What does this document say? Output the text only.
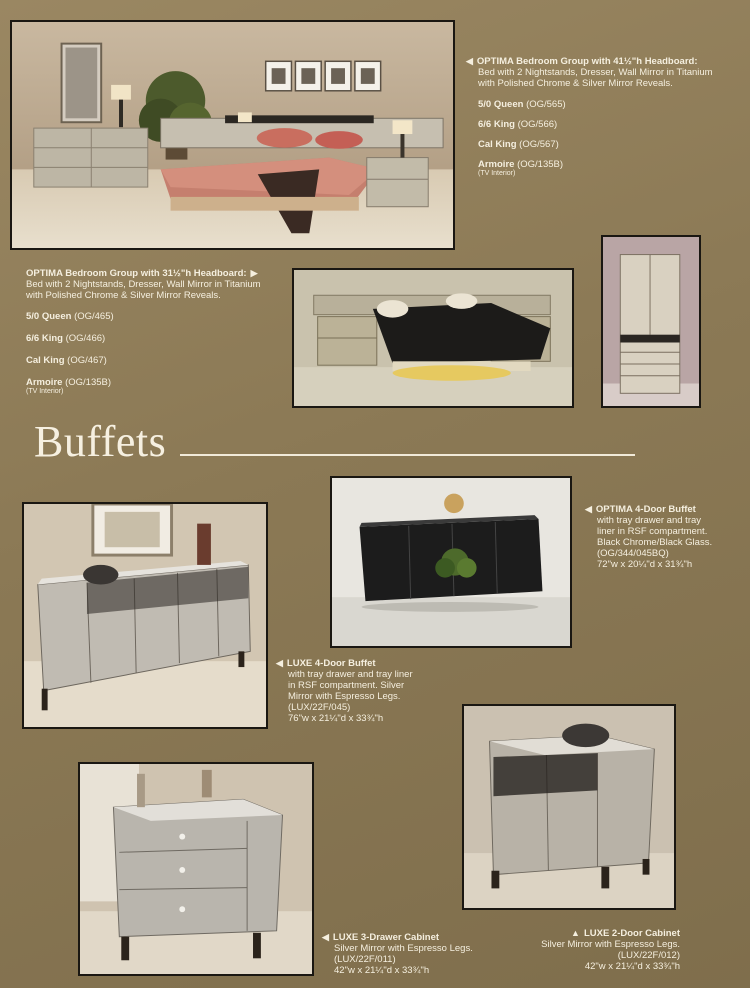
◀ OPTIMA Bedroom Group with 41½"h Headboard:
Bed with 2 Nightstands, Dresser, Wall Mirror in Titanium
with Polished Chrome & Silver Mirror Reveals.
5/0 Queen (OG/565)
6/6 King (OG/566)
Cal King (OG/567)
Armoire (OG/135B)
(TV Interior)
OPTIMA Bedroom Group with 31½"h Headboard: ▶
Bed with 2 Nightstands, Dresser, Wall Mirror in Titanium
with Polished Chrome & Silver Mirror Reveals.
5/0 Queen (OG/465)
6/6 King (OG/466)
Cal King (OG/467)
Armoire (OG/135B)
(TV Interior)
Buffets
◀ OPTIMA 4-Door Buffet
with tray drawer and tray
liner in RSF compartment.
Black Chrome/Black Glass.
(OG/344/045BQ)
72"w x 20¼"d x 31¾"h
◀ LUXE 4-Door Buffet
with tray drawer and tray liner
in RSF compartment. Silver
Mirror with Espresso Legs.
(LUX/22F/045)
76"w x 21¼"d x 33¾"h
▲ LUXE 2-Door Cabinet
Silver Mirror with Espresso Legs.
(LUX/22F/012)
42"w x 21¼"d x 33¾"h
◀ LUXE 3-Drawer Cabinet
Silver Mirror with Espresso Legs.
(LUX/22F/011)
42"w x 21¼"d x 33¾"h
